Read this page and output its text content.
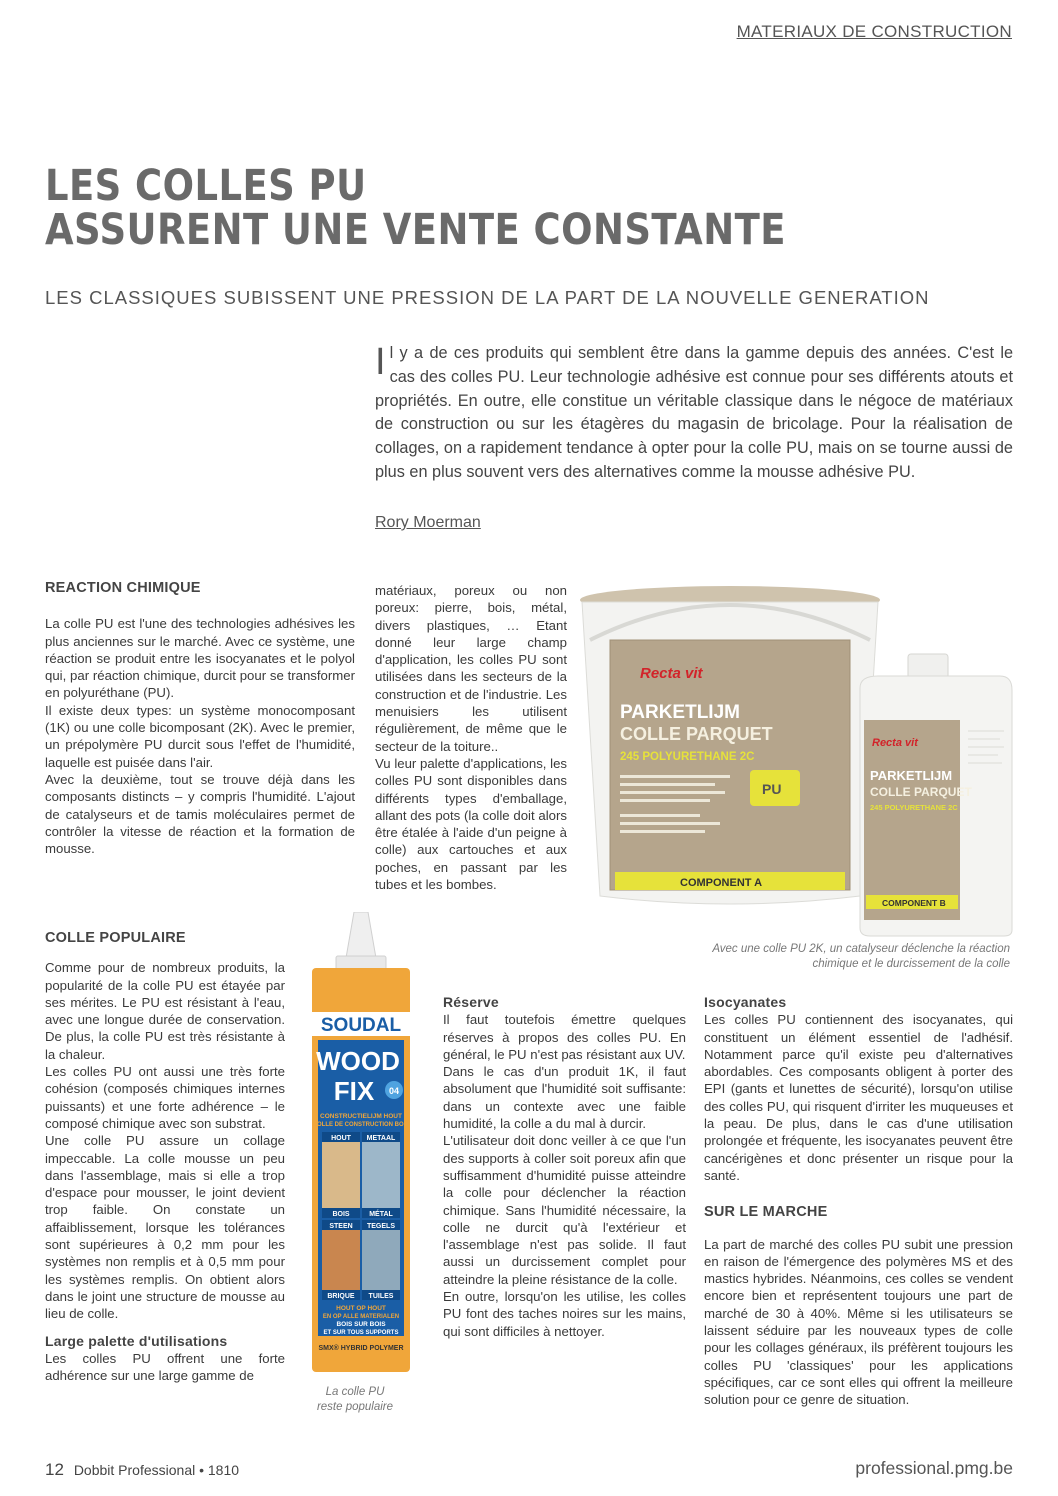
MATERIAUX DE CONSTRUCTION
LES COLLES PU
ASSURENT UNE VENTE CONSTANTE
LES CLASSIQUES SUBISSENT UNE PRESSION DE LA PART DE LA NOUVELLE GENERATION

Il y a de ces produits qui semblent être dans la gamme depuis des années. C'est le cas des colles PU. Leur technologie adhésive est connue pour ses différents atouts et propriétés. En outre, elle constitue un véritable classique dans le négoce de matériaux de construction ou sur les étagères du magasin de bricolage. Pour la réalisation de collages, on a rapidement tendance à opter pour la colle PU, mais on se tourne aussi de plus en plus souvent vers des alternatives comme la mousse adhésive PU.

Rory Moerman
REACTION CHIMIQUE

La colle PU est l'une des technologies adhésives les plus anciennes sur le marché. Avec ce système, une réaction se produit entre les isocyanates et le polyol qui, par réaction chimique, durcit pour se transformer en polyuréthane (PU).

Il existe deux types: un système monocomposant (1K) ou une colle bicomposant (2K). Avec le premier, un prépolymère PU durcit sous l'effet de l'humidité, laquelle est puisée dans l'air.

Avec la deuxième, tout se trouve déjà dans les composants distincts – y compris l'humidité. L'ajout de catalyseurs et de tamis moléculaires permet de contrôler la vitesse de réaction et la formation de mousse.

COLLE POPULAIRE

Comme pour de nombreux produits, la popularité de la colle PU est étayée par ses mérites. Le PU est résistant à l'eau, avec une longue durée de conservation. De plus, la colle PU est très résistante à la chaleur.

Les colles PU ont aussi une très forte cohésion (composés chimiques internes puissants) et une forte adhérence – le composé chimique avec son substrat.

Une colle PU assure un collage impeccable. La colle mousse un peu dans l'assemblage, mais si elle a trop d'espace pour mousser, le joint devient trop faible. On constate un affaiblissement, lorsque les tolérances sont supérieures à 0,2 mm pour les systèmes non remplis et à 0,5 mm pour les systèmes remplis. On obtient alors dans le joint une structure de mousse au lieu de colle.

Large palette d'utilisations

Les colles PU offrent une forte adhérence sur une large gamme de

matériaux, poreux ou non poreux: pierre, bois, métal, divers plastiques, … Etant donné leur large champ d'application, les colles PU sont utilisées dans les secteurs de la construction et de l'industrie. Les menuisiers les utilisent régulièrement, de même que le secteur de la toiture..

Vu leur palette d'applications, les colles PU sont disponibles dans différents types d'emballage, allant des pots (la colle doit alors être étalée à l'aide d'un peigne à colle) aux cartouches et aux poches, en passant par les tubes et les bombes.

Réserve

Il faut toutefois émettre quelques réserves à propos des colles PU. En général, le PU n'est pas résistant aux UV.

Dans le cas d'un produit 1K, il faut absolument que l'humidité soit suffisante: dans un contexte avec une faible humidité, la colle a du mal à durcir.

L'utilisateur doit donc veiller à ce que l'un des supports à coller soit poreux afin que suffisamment d'humidité puisse atteindre la colle pour déclencher la réaction chimique. Sans l'humidité nécessaire, la colle ne durcit qu'à l'extérieur et l'assemblage n'est pas solide. Il faut aussi un durcissement complet pour atteindre la pleine résistance de la colle.

En outre, lorsqu'on les utilise, les colles PU font des taches noires sur les mains, qui sont difficiles à nettoyer.

Isocyanates

Les colles PU contiennent des isocyanates, qui constituent un élément essentiel de l'adhésif. Notamment parce qu'il existe peu d'alternatives abordables. Ces composants obligent à porter des EPI (gants et lunettes de sécurité), lorsqu'on utilise des colles PU, qui risquent d'irriter les muqueuses et la peau. De plus, dans le cas d'une utilisation prolongée et fréquente, les isocyanates peuvent être cancérigènes et donc présenter un risque pour la santé.

SUR LE MARCHE

La part de marché des colles PU subit une pression en raison de l'émergence des polymères MS et des mastics hybrides. Néanmoins, ces colles se vendent encore bien et représentent toujours une part de marché de 30 à 40%. Même si les utilisateurs se laissent séduire par les nouveaux types de colle pour les collages généraux, ils préfèrent toujours les colles PU 'classiques' pour les applications spécifiques, car ce sont elles qui offrent la meilleure solution pour ce genre de situation.

Recta vit
PARKETLIJM
COLLE PARQUET
245 POLYURETHANE 2C
PU
COMPONENT A
Recta vit
PARKETLIJM
COLLE PARQUET
245 POLYURETHANE 2C
COMPONENT B
Avec une colle PU 2K, un catalyseur déclenche la réaction
chimique et le durcissement de la colle
SOUDAL
WOOD
FIX 04
CONSTRUCTIELIJM HOUT
COLLE DE CONSTRUCTION BOIS
HOUT METAAL
BOIS	MÉTAL
STEEN TEGELS
BRIQUE TUILES
HOUT OP HOUT
EN OP ALLE MATERIALEN
BOIS SUR BOIS
ET SUR TOUS SUPPORTS
SMX® HYBRID POLYMER
La colle PU
reste populaire
12 Dobbit Professional • 1810	professional.pmg.be
